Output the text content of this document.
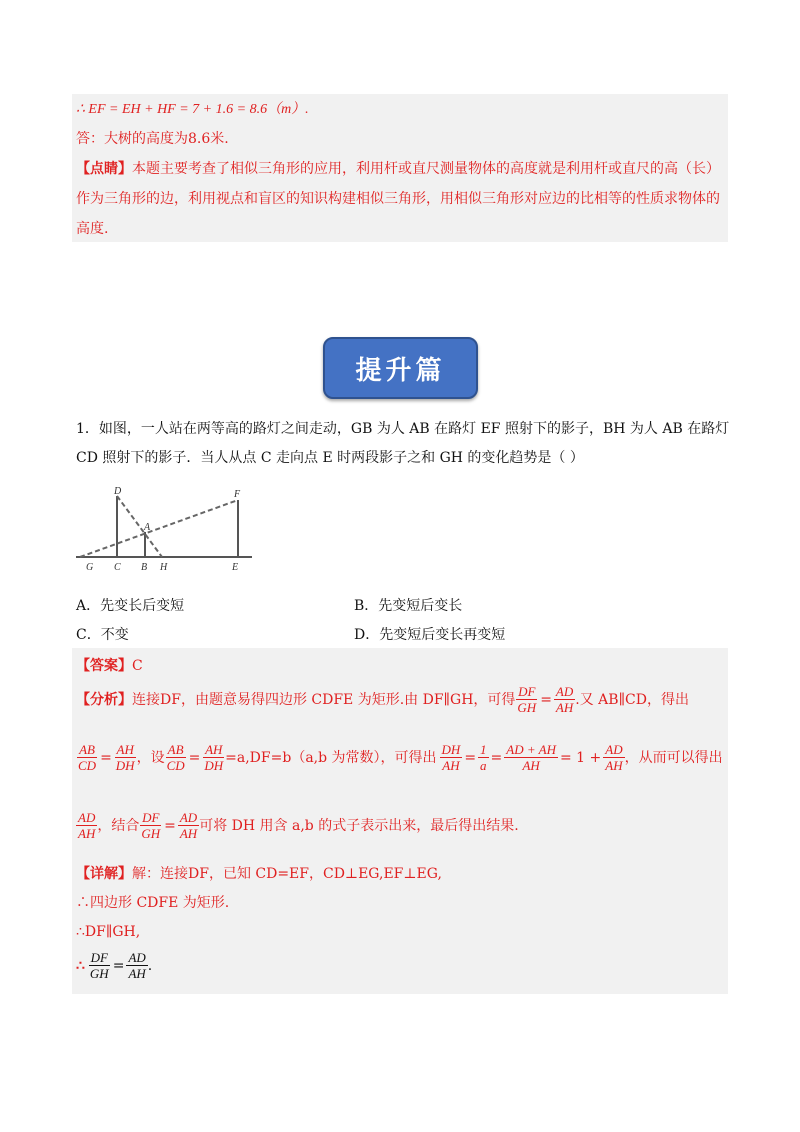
∴ EF = EH + HF = 7 + 1.6 = 8.6（m）.
答：大树的高度为8.6米.
【点睛】本题主要考查了相似三角形的应用，利用杆或直尺测量物体的高度就是利用杆或直尺的高（长）
作为三角形的边，利用视点和盲区的知识构建相似三角形，用相似三角形对应边的比相等的性质求物体的
高度.
提升篇
1．如图，一人站在两等高的路灯之间走动，GB 为人 AB 在路灯 EF 照射下的影子，BH 为人 AB 在路灯
CD 照射下的影子．当人从点 C 走向点 E 时两段影子之和 GH 的变化趋势是（ ）
D	F
A
G C B H	E
A．先变长后变短	B．先变短后变长
C．不变	D．先变短后变长再变短
【答案】C
【分析】 连接DF，由题意易得四边形 CDFE 为矩形.由 DF∥GH，可得 $\frac{DF}{GH} = \frac{AD}{AH}$ .又 AB∥CD，得出
$\frac{AB}{CD} = \frac{AH}{DH}$ ，设 $\frac{AB}{CD} = \frac{AH}{DH} =a,DF=b(a,b$ 为常数），可得出 $\frac{DH}{AH} = \frac{1}{a} = \frac{AD + AH}{AH} = 1 + \frac{AD}{AH}$ ，从而可以得出
$\frac{AD}{AH}$ ，结合 $\frac{DF}{GH} = \frac{AD}{AH}$ 可将 DH 用含 a,b 的式子表示出来，最后得出结果.
【详解】解：连接DF，已知 CD=EF，CD⊥EG,EF⊥EG,
∴四边形 CDFE 为矩形.
∴DF∥GH,
∴ $\frac{DF}{GH} = \frac{AD}{AH}$ .
